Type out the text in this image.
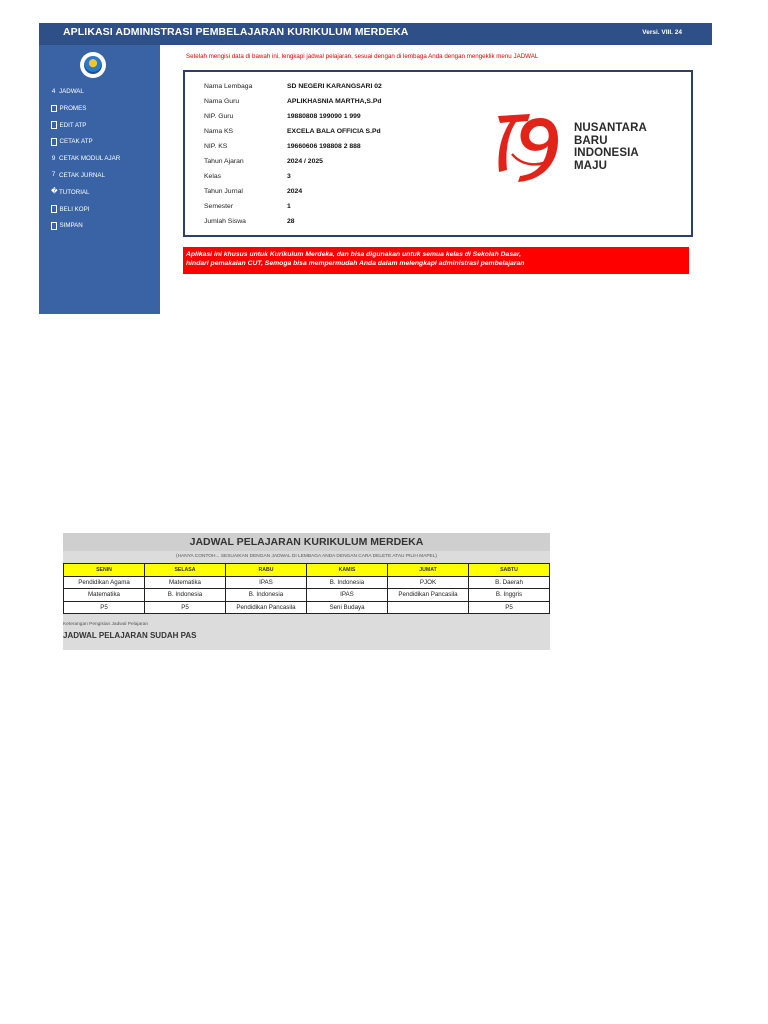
APLIKASI ADMINISTRASI PEMBELAJARAN KURIKULUM MERDEKA	Versi. VIII. 24
4 JADWAL
PROMES
EDIT ATP
CETAK ATP
9 CETAK MODUL AJAR
7 CETAK JURNAL
� TUTORIAL
BELI KOPI
SIMPAN
Setelah mengisi data di bawah ini, lengkapi jadwal pelajaran, sesuai dengan di lembaga Anda dengan mengeklik menu JADWAL
Nama Lembaga	SD NEGERI KARANGSARI 02
Nama Guru	APLIKHASNIA MARTHA,S.Pd
NIP. Guru	19880808 199090 1 999
Nama KS	EXCELA BALA OFFICIA S.Pd
NIP. KS	19660606 198808 2 888
Tahun Ajaran	2024 / 2025
Kelas	3
Tahun Jurnal	2024
Semester	1
Jumlah Siswa	28
NUSANTARA
BARU
INDONESIA
MAJU
Aplikasi ini khusus untuk Kurikulum Merdeka, dan bisa digunakan untuk semua kelas di Sekolah Dasar,
hindari pemakaian CUT, Semoga bisa mempermudah Anda dalam melengkapi administrasi pembelajaran
JADWAL PELAJARAN KURIKULUM MERDEKA
(HANYA CONTOH... SESUAIKAN DENGAN JADWAL DI LEMBAGA ANDA DENGAN CARA DELETE ATAU PILIH MAPEL)
SENIN	SELASA	RABU	KAMIS	JUMAT	SABTU
Pendidikan Agama	Matematika	IPAS	B. Indonesia	PJOK	B. Daerah
Matematika	B. Indonesia	B. Indonesia	IPAS	Pendidikan Pancasila	B. Inggris
P5	P5	Pendidikan Pancasila	Seni Budaya		P5
Keterangan Pengisian Jadwal Pelajaran
JADWAL PELAJARAN SUDAH PAS
